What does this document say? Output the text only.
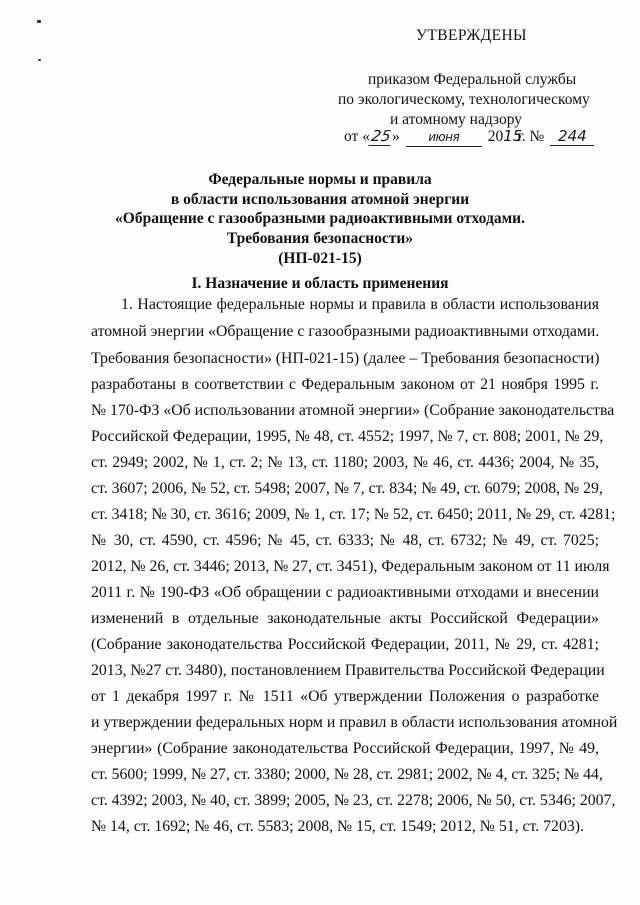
УТВЕРЖДЕНЫ
приказом Федеральной службы
по экологическому, технологическому
и атомному надзору
от « 25 »	июня	20 15
г. № 244
Федеральные нормы и правила
в области использования атомной энергии
«Обращение с газообразными радиоактивными отходами.
Требования безопасности»
(НП-021-15)
I. Назначение и область применения
1. Настоящие федеральные нормы и правила в области использования
атомной энергии «Обращение с газообразными радиоактивными отходами.
Требования безопасности» (НП-021-15) (далее – Требования безопасности)
разработаны в соответствии с Федеральным законом от 21 ноября 1995 г.
№ 170-ФЗ «Об использовании атомной энергии» (Собрание законодательства
Российской Федерации, 1995, № 48, ст. 4552; 1997, № 7, ст. 808; 2001, № 29,
ст. 2949; 2002, № 1, ст. 2; № 13, ст. 1180; 2003, № 46, ст. 4436; 2004, № 35,
ст. 3607; 2006, № 52, ст. 5498; 2007, № 7, ст. 834; № 49, ст. 6079; 2008, № 29,
ст. 3418; № 30, ст. 3616; 2009, № 1, ст. 17; № 52, ст. 6450; 2011, № 29, ст. 4281;
№ 30, ст. 4590, ст. 4596; № 45, ст. 6333; № 48, ст. 6732; № 49, ст. 7025;
2012, № 26, ст. 3446; 2013, № 27, ст. 3451), Федеральным законом от 11 июля
2011 г. № 190-ФЗ «Об обращении с радиоактивными отходами и внесении
изменений в отдельные законодательные акты Российской Федерации»
(Собрание законодательства Российской Федерации, 2011, № 29, ст. 4281;
2013, №27 ст. 3480), постановлением Правительства Российской Федерации
от 1 декабря 1997 г. № 1511 «Об утверждении Положения о разработке
и утверждении федеральных норм и правил в области использования атомной
энергии» (Собрание законодательства Российской Федерации, 1997, № 49,
ст. 5600; 1999, № 27, ст. 3380; 2000, № 28, ст. 2981; 2002, № 4, ст. 325; № 44,
ст. 4392; 2003, № 40, ст. 3899; 2005, № 23, ст. 2278; 2006, № 50, ст. 5346; 2007,
№ 14, ст. 1692; № 46, ст. 5583; 2008, № 15, ст. 1549; 2012, № 51, ст. 7203).
